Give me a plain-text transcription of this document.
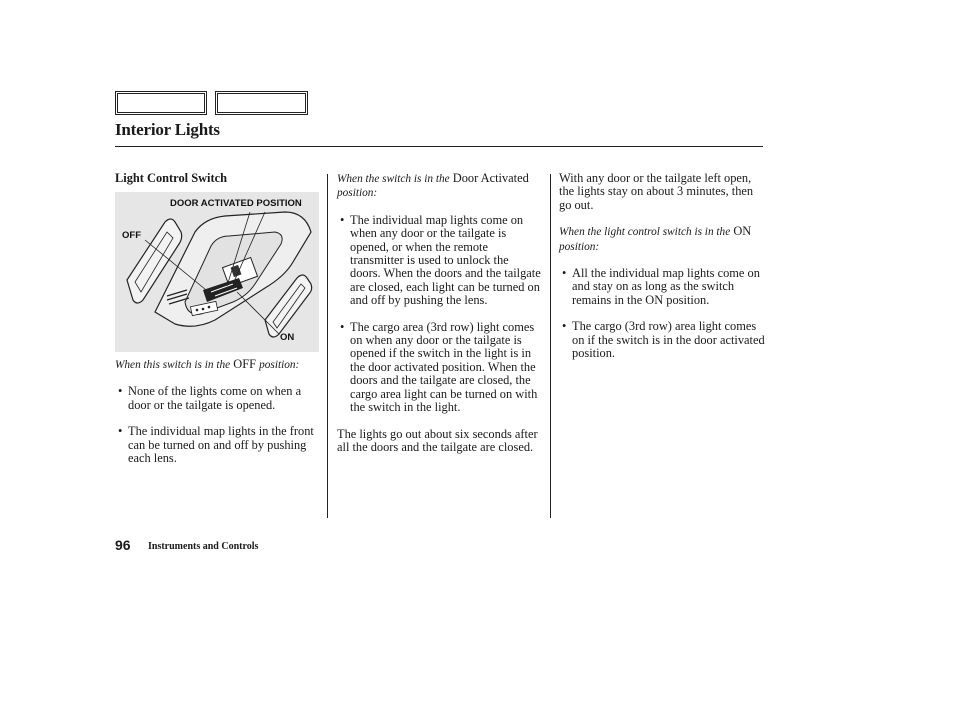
Interior Lights

Light Control Switch

DOOR ACTIVATED POSITION
OFF
ON

When this switch is in the OFF position:

• None of the lights come on when a door or the tailgate is opened.

• The individual map lights in the front can be turned on and off by pushing each lens.

When the switch is in the Door Activated position:

• The individual map lights come on when any door or the tailgate is opened, or when the remote transmitter is used to unlock the doors. When the doors and the tailgate are closed, each light can be turned on and off by pushing the lens.

• The cargo area (3rd row) light comes on when any door or the tailgate is opened if the switch in the light is in the door activated position. When the doors and the tailgate are closed, the cargo area light can be turned on with the switch in the light.

The lights go out about six seconds after all the doors and the tailgate are closed.

With any door or the tailgate left open, the lights stay on about 3 minutes, then go out.

When the light control switch is in the ON position:

• All the individual map lights come on and stay on as long as the switch remains in the ON position.

• The cargo (3rd row) area light comes on if the switch is in the door activated position.

96 Instruments and Controls
